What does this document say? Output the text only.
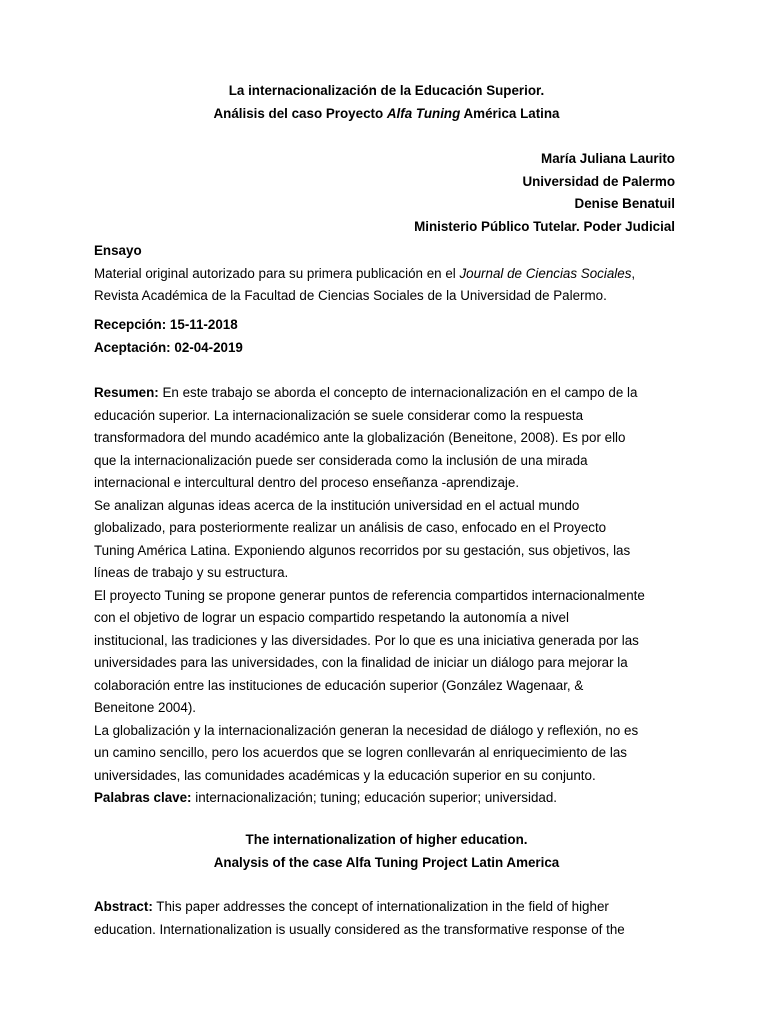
La internacionalización de la Educación Superior.
Análisis del caso Proyecto Alfa Tuning América Latina
María Juliana Laurito
Universidad de Palermo
Denise Benatuil
Ministerio Público Tutelar. Poder Judicial
Ensayo
Material original autorizado para su primera publicación en el Journal de Ciencias Sociales,
Revista Académica de la Facultad de Ciencias Sociales de la Universidad de Palermo.
Recepción: 15-11-2018
Aceptación: 02-04-2019
Resumen: En este trabajo se aborda el concepto de internacionalización en el campo de la
educación superior. La internacionalización se suele considerar como la respuesta
transformadora del mundo académico ante la globalización (Beneitone, 2008). Es por ello
que la internacionalización puede ser considerada como la inclusión de una mirada
internacional e intercultural dentro del proceso enseñanza -aprendizaje.
Se analizan algunas ideas acerca de la institución universidad en el actual mundo
globalizado, para posteriormente realizar un análisis de caso, enfocado en el Proyecto
Tuning América Latina. Exponiendo algunos recorridos por su gestación, sus objetivos, las
líneas de trabajo y su estructura.
El proyecto Tuning se propone generar puntos de referencia compartidos internacionalmente
con el objetivo de lograr un espacio compartido respetando la autonomía a nivel
institucional, las tradiciones y las diversidades. Por lo que es una iniciativa generada por las
universidades para las universidades, con la finalidad de iniciar un diálogo para mejorar la
colaboración entre las instituciones de educación superior (González Wagenaar, &
Beneitone 2004).
La globalización y la internacionalización generan la necesidad de diálogo y reflexión, no es
un camino sencillo, pero los acuerdos que se logren conllevarán al enriquecimiento de las
universidades, las comunidades académicas y la educación superior en su conjunto.
Palabras clave: internacionalización; tuning; educación superior; universidad.
The internationalization of higher education.
Analysis of the case Alfa Tuning Project Latin America
Abstract: This paper addresses the concept of internationalization in the field of higher
education. Internationalization is usually considered as the transformative response of the
